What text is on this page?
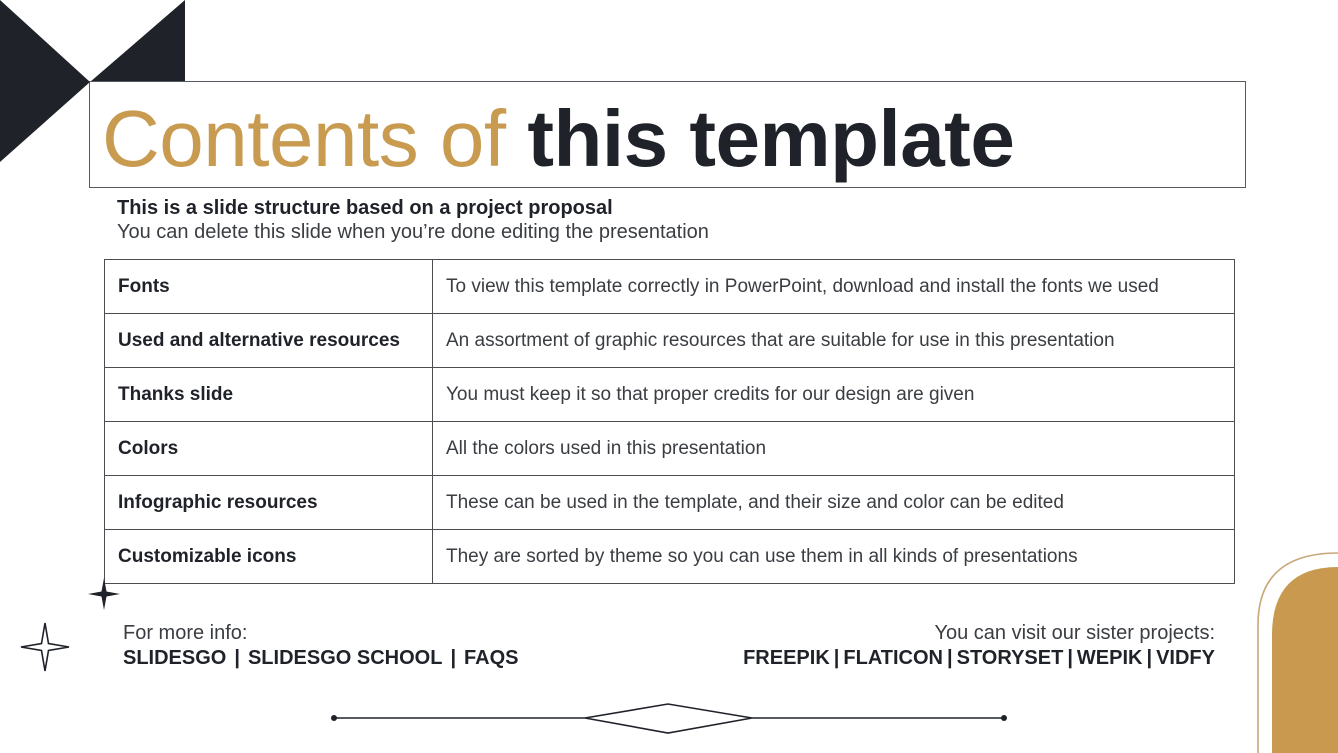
Contents of this template
This is a slide structure based on a project proposal
You can delete this slide when you’re done editing the presentation
Fonts	To view this template correctly in PowerPoint, download and install the fonts we used
Used and alternative resources	An assortment of graphic resources that are suitable for use in this presentation
Thanks slide	You must keep it so that proper credits for our design are given
Colors	All the colors used in this presentation
Infographic resources	These can be used in the template, and their size and color can be edited
Customizable icons	They are sorted by theme so you can use them in all kinds of presentations
For more info:
SLIDESGO | SLIDESGO SCHOOL | FAQS
You can visit our sister projects:
FREEPIK | FLATICON | STORYSET | WEPIK | VIDFY
